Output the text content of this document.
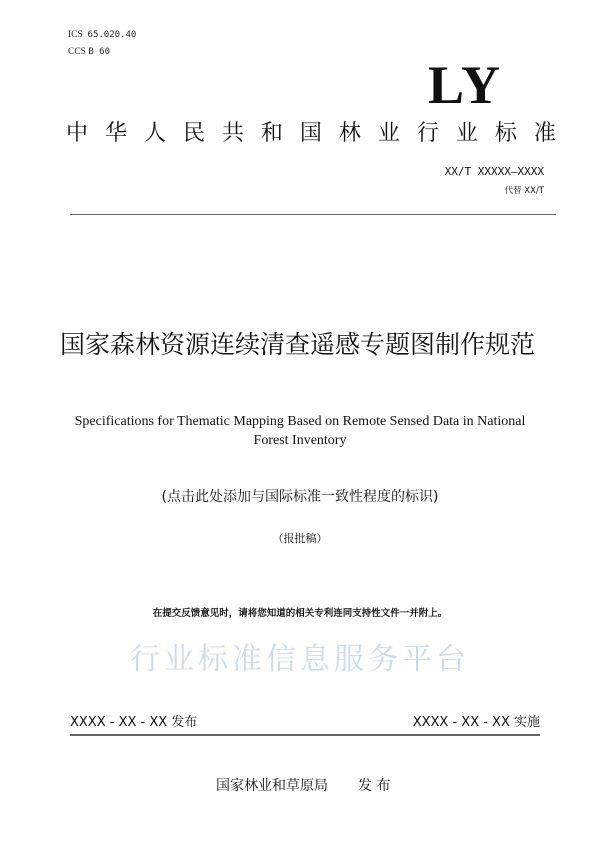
ICS 65.020.40
CCS B 60
LY
中 华 人 民 共 和 国 林 业 行 业 标 准
XX/T XXXXX—XXXX
代替 XX/T
国家森林资源连续清查遥感专题图制作规范
Specifications for Thematic Mapping Based on Remote Sensed Data in National Forest Inventory
(点击此处添加与国际标准一致性程度的标识)
（报批稿）
在提交反馈意见时，请将您知道的相关专利连同支持性文件一并附上。
行业标准信息服务平台
XXXX - XX - XX 发布	XXXX - XX - XX 实施
国家林业和草原局 发 布
